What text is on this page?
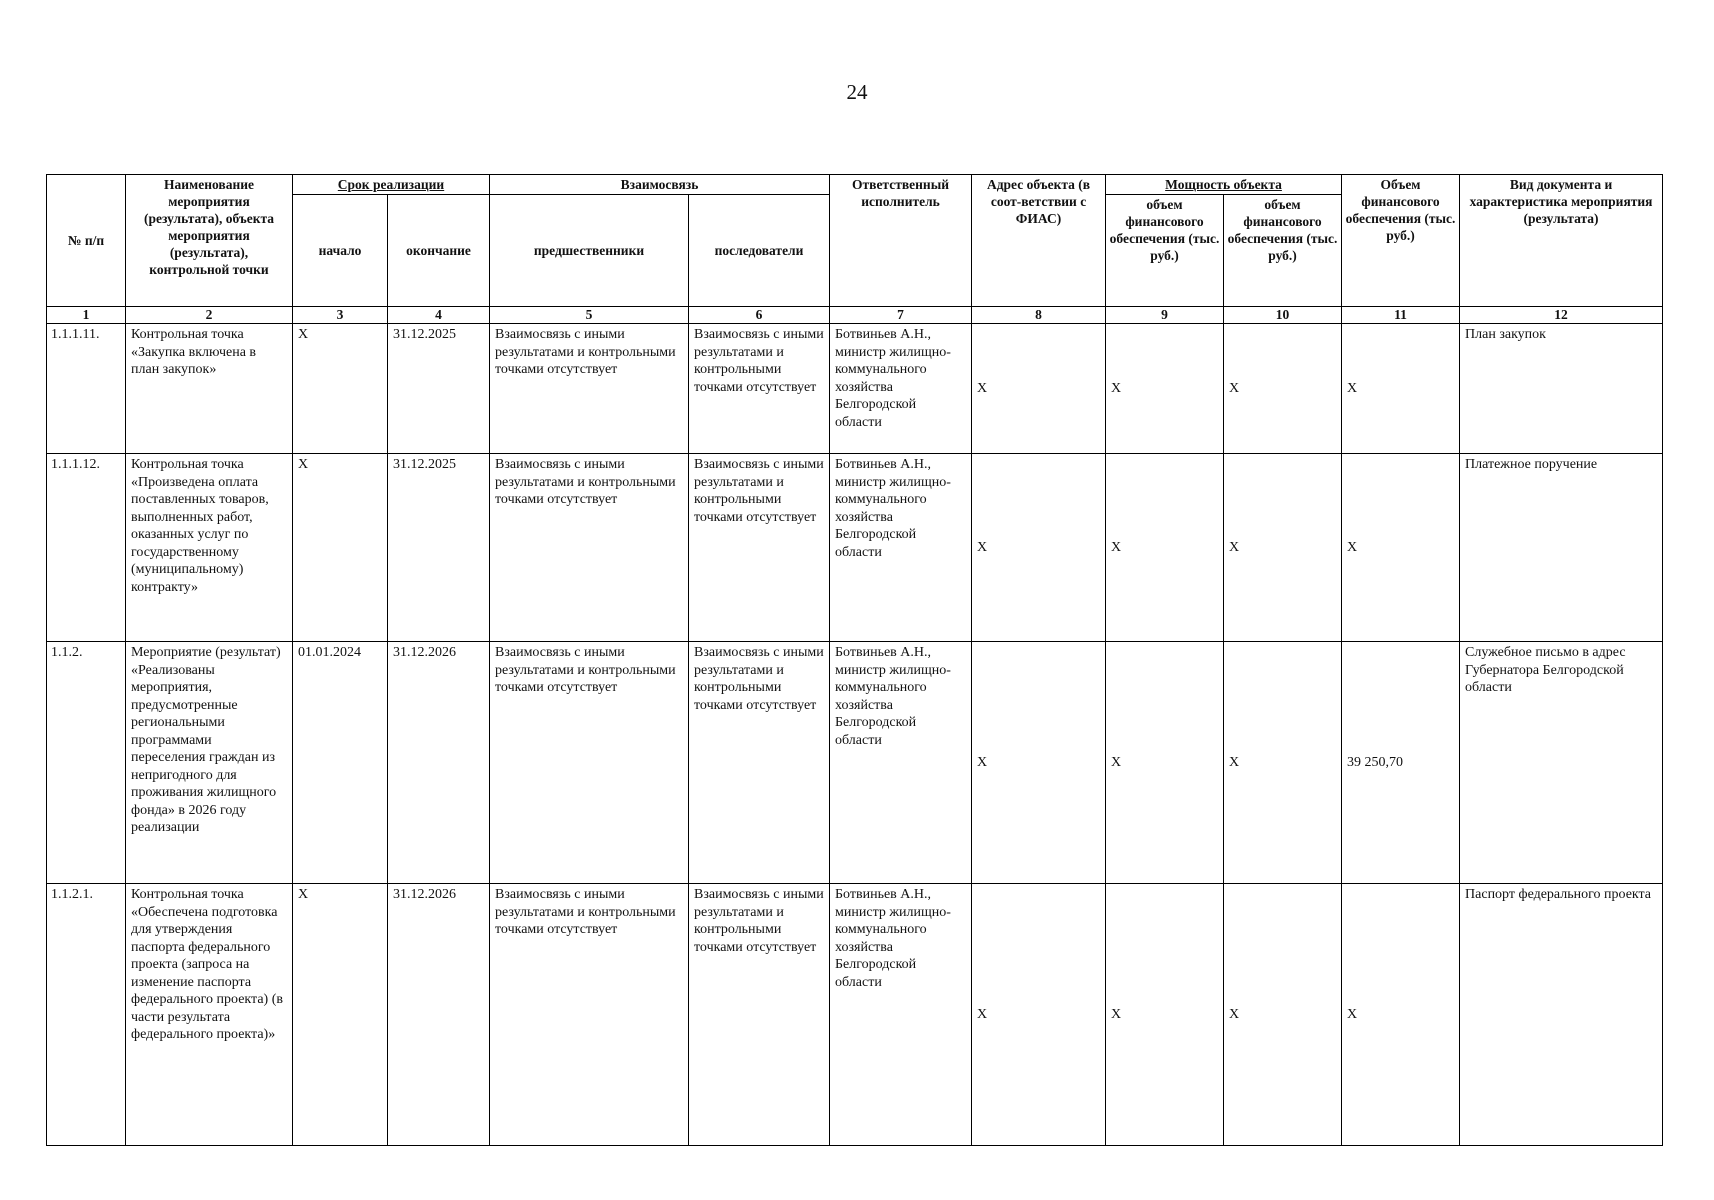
24
№ п/п	Наименование мероприятия (результата), объекта мероприятия (результата), контрольной точки	Срок реализации		Взаимосвязь		Ответственный исполнитель	Адрес объекта (в соот-ветствии с ФИАС)	Мощность объекта		Объем финансового обеспечения (тыс. руб.)	Вид документа и характеристика мероприятия (результата)
		начало	окончание	предшественники	последователи			объем финансового обеспечения (тыс. руб.)	объем финансового обеспечения (тыс. руб.)		
1	2	3	4	5	6	7	8	9	10	11	12
1.1.1.11.	Контрольная точка «Закупка включена в план закупок»	X	31.12.2025	Взаимосвязь с иными результатами и контрольными точками отсутствует	Взаимосвязь с иными результатами и контрольными точками отсутствует	Ботвиньев А.Н., министр жилищно-коммунального хозяйства Белгородской области	X	X	X	X	План закупок
1.1.1.12.	Контрольная точка «Произведена оплата поставленных товаров, выполненных работ, оказанных услуг по государственному (муниципальному) контракту»	X	31.12.2025	Взаимосвязь с иными результатами и контрольными точками отсутствует	Взаимосвязь с иными результатами и контрольными точками отсутствует	Ботвиньев А.Н., министр жилищно-коммунального хозяйства Белгородской области	X	X	X	X	Платежное поручение
1.1.2.	Мероприятие (результат) «Реализованы мероприятия, предусмотренные региональными программами переселения граждан из непригодного для проживания жилищного фонда» в 2026 году реализации	01.01.2024	31.12.2026	Взаимосвязь с иными результатами и контрольными точками отсутствует	Взаимосвязь с иными результатами и контрольными точками отсутствует	Ботвиньев А.Н., министр жилищно-коммунального хозяйства Белгородской области	X	X	X	39 250,70	Служебное письмо в адрес Губернатора Белгородской области
1.1.2.1.	Контрольная точка «Обеспечена подготовка для утверждения паспорта федерального проекта (запроса на изменение паспорта федерального проекта) (в части результата федерального проекта)»	X	31.12.2026	Взаимосвязь с иными результатами и контрольными точками отсутствует	Взаимосвязь с иными результатами и контрольными точками отсутствует	Ботвиньев А.Н., министр жилищно-коммунального хозяйства Белгородской области	X	X	X	X	Паспорт федерального проекта
